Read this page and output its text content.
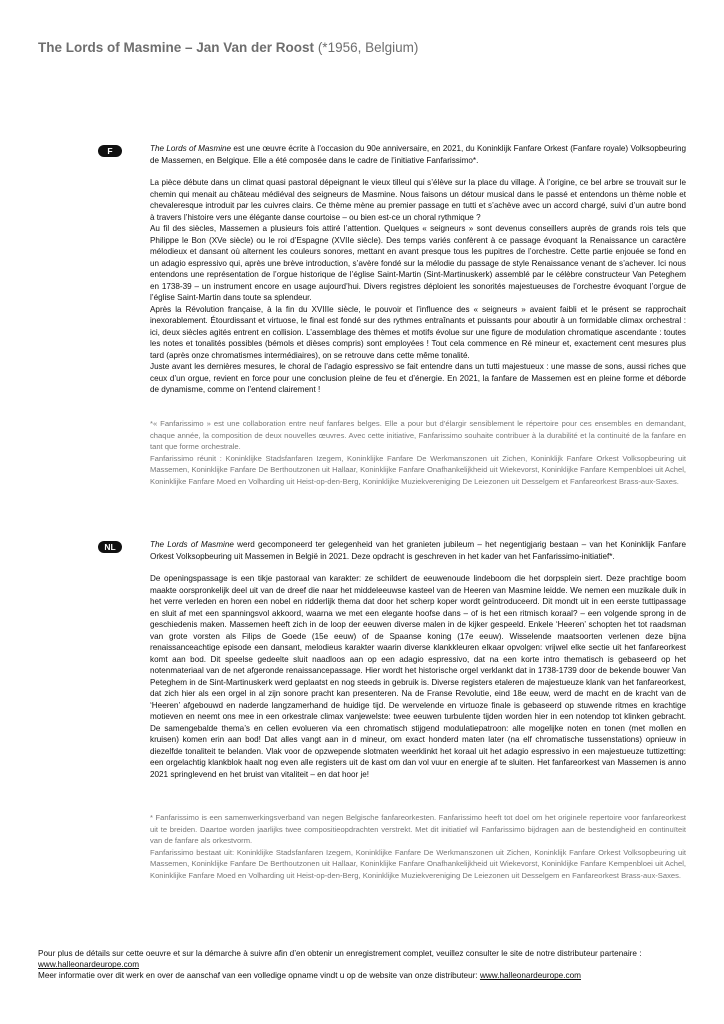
The Lords of Masmine – Jan Van der Roost (*1956, Belgium)
F	The Lords of Masmine est une œuvre écrite à l’occasion du 90e anniversaire, en 2021, du Koninklijk Fanfare Orkest (Fanfare royale) Volksopbeuring de Massemen, en Belgique. Elle a été composée dans le cadre de l’initiative Fanfarissimo*.

La pièce débute dans un climat quasi pastoral dépeignant le vieux tilleul qui s’élève sur la place du village. À l’origine, ce bel arbre se trouvait sur le chemin qui menait au château médiéval des seigneurs de Masmine. Nous faisons un détour musical dans le passé et entendons un thème noble et chevaleresque introduit par les cuivres clairs. Ce thème mène au premier passage en tutti et s’achève avec un accord chargé, suivi d’un autre bond à travers l’histoire vers une élégante danse courtoise – ou bien est-ce un choral rythmique ?

Au fil des siècles, Massemen a plusieurs fois attiré l’attention. Quelques « seigneurs » sont devenus conseillers auprès de grands rois tels que Philippe le Bon (XVe siècle) ou le roi d’Espagne (XVIIe siècle). Des temps variés confèrent à ce passage évoquant la Renaissance un caractère mélodieux et dansant où alternent les couleurs sonores, mettant en avant presque tous les pupitres de l’orchestre. Cette partie enjouée se fond en un adagio espressivo qui, après une brève introduction, s’avère fondé sur la mélodie du passage de style Renaissance venant de s’achever. Ici nous entendons une représentation de l’orgue historique de l’église Saint-Martin (Sint-Martinuskerk) assemblé par le célèbre constructeur Van Peteghem en 1738-39 – un instrument encore en usage aujourd’hui. Divers registres déploient les sonorités majestueuses de l’orchestre évoquant l’orgue de l’église Saint-Martin dans toute sa splendeur.

Après la Révolution française, à la fin du XVIIIe siècle, le pouvoir et l’influence des « seigneurs » avaient faibli et le présent se rapprochait inexorablement. Étourdissant et virtuose, le final est fondé sur des rythmes entraînants et puissants pour aboutir à un formidable climax orchestral : ici, deux siècles agités entrent en collision. L’assemblage des thèmes et motifs évolue sur une figure de modulation chromatique ascendante : toutes les notes et tonalités possibles (bémols et dièses compris) sont employées ! Tout cela commence en Ré mineur et, exactement cent mesures plus tard (après onze chromatismes intermédiaires), on se retrouve dans cette même tonalité.

Juste avant les dernières mesures, le choral de l’adagio espressivo se fait entendre dans un tutti majestueux : une masse de sons, aussi riches que ceux d’un orgue, revient en force pour une conclusion pleine de feu et d’énergie. En 2021, la fanfare de Massemen est en pleine forme et déborde de dynamisme, comme on l’entend clairement !

*« Fanfarissimo » est une collaboration entre neuf fanfares belges. Elle a pour but d’élargir sensiblement le répertoire pour ces ensembles en demandant, chaque année, la composition de deux nouvelles œuvres. Avec cette initiative, Fanfarissimo souhaite contribuer à la durabilité et la continuité de la fanfare en tant que forme orchestrale.

Fanfarissimo réunit : Koninklijke Stadsfanfaren Izegem, Koninklijke Fanfare De Werkmanszonen uit Zichen, Koninklijk Fanfare Orkest Volksopbeuring uit Massemen, Koninklijke Fanfare De Berthoutzonen uit Hallaar, Koninklijke Fanfare Onafhankelijkheid uit Wiekevorst, Koninklijke Fanfare Kempenbloei uit Achel, Koninklijke Fanfare Moed en Volharding uit Heist-op-den-Berg, Koninklijke Muziekvereniging De Leiezonen uit Desselgem et Fanfareorkest Brass-aux-Saxes.

NL	The Lords of Masmine werd gecomponeerd ter gelegenheid van het granieten jubileum – het negentigjarig bestaan – van het Koninklijk Fanfare Orkest Volksopbeuring uit Massemen in België in 2021. Deze opdracht is geschreven in het kader van het Fanfarissimo-initiatief*.

De openingspassage is een tikje pastoraal van karakter: ze schildert de eeuwenoude lindeboom die het dorpsplein siert. Deze prachtige boom maakte oorspronkelijk deel uit van de dreef die naar het middeleeuwse kasteel van de Heeren van Masmine leidde. We nemen een muzikale duik in het verre verleden en horen een nobel en ridderlijk thema dat door het scherp koper wordt geïntroduceerd. Dit mondt uit in een eerste tuttipassage en sluit af met een spanningsvol akkoord, waarna we met een elegante hoofse dans – of is het een ritmisch koraal? – een volgende sprong in de geschiedenis maken. Massemen heeft zich in de loop der eeuwen diverse malen in de kijker gespeeld. Enkele ‘Heeren’ schopten het tot raadsman van grote vorsten als Filips de Goede (15e eeuw) of de Spaanse koning (17e eeuw). Wisselende maatsoorten verlenen deze bijna renaissanceachtige episode een dansant, melodieus karakter waarin diverse klankkleuren elkaar opvolgen: vrijwel elke sectie uit het fanfareorkest komt aan bod. Dit speelse gedeelte sluit naadloos aan op een adagio espressivo, dat na een korte intro thematisch is gebaseerd op het notenmateriaal van de net afgeronde renaissancepassage. Hier wordt het historische orgel verklankt dat in 1738-1739 door de bekende bouwer Van Peteghem in de Sint-Martinuskerk werd geplaatst en nog steeds in gebruik is. Diverse registers etaleren de majestueuze klank van het fanfareorkest, dat zich hier als een orgel in al zijn sonore pracht kan presenteren. Na de Franse Revolutie, eind 18e eeuw, werd de macht en de kracht van de ‘Heeren’ afgebouwd en naderde langzamerhand de huidige tijd. De wervelende en virtuoze finale is gebaseerd op stuwende ritmes en krachtige motieven en neemt ons mee in een orkestrale climax vanjewelste: twee eeuwen turbulente tijden worden hier in een notendop tot klinken gebracht. De samengebalde thema’s en cellen evolueren via een chromatisch stijgend modulatiepatroon: alle mogelijke noten en tonen (met mollen en kruisen) komen erin aan bod! Dat alles vangt aan in d mineur, om exact honderd maten later (na elf chromatische tussenstations) opnieuw in diezelfde tonaliteit te belanden. Vlak voor de opzwepende slotmaten weerklinkt het koraal uit het adagio espressivo in een majestueuze tuttizetting: een orgelachtig klankblok haalt nog even alle registers uit de kast om dan vol vuur en energie af te sluiten. Het fanfareorkest van Massemen is anno 2021 springlevend en het bruist van vitaliteit – en dat hoor je!

* Fanfarissimo is een samenwerkingsverband van negen Belgische fanfareorkesten. Fanfarissimo heeft tot doel om het originele repertoire voor fanfareorkest uit te breiden. Daartoe worden jaarlijks twee compositieopdrachten verstrekt. Met dit initiatief wil Fanfarissimo bijdragen aan de bestendigheid en continuïteit van de fanfare als orkestvorm.

Fanfarissimo bestaat uit: Koninklijke Stadsfanfaren Izegem, Koninklijke Fanfare De Werkmanszonen uit Zichen, Koninklijk Fanfare Orkest Volksopbeuring uit Massemen, Koninklijke Fanfare De Berthoutzonen uit Hallaar, Koninklijke Fanfare Onafhankelijkheid uit Wiekevorst, Koninklijke Fanfare Kempenbloei uit Achel, Koninklijke Fanfare Moed en Volharding uit Heist-op-den-Berg, Koninklijke Muziekvereniging De Leiezonen uit Desselgem en Fanfareorkest Brass-aux-Saxes.

Pour plus de détails sur cette oeuvre et sur la démarche à suivre afin d’en obtenir un enregistrement complet, veuillez consulter le site de notre distributeur partenaire : www.halleonardeurope.com
Meer informatie over dit werk en over de aanschaf van een volledige opname vindt u op de website van onze distributeur: www.halleonardeurope.com
